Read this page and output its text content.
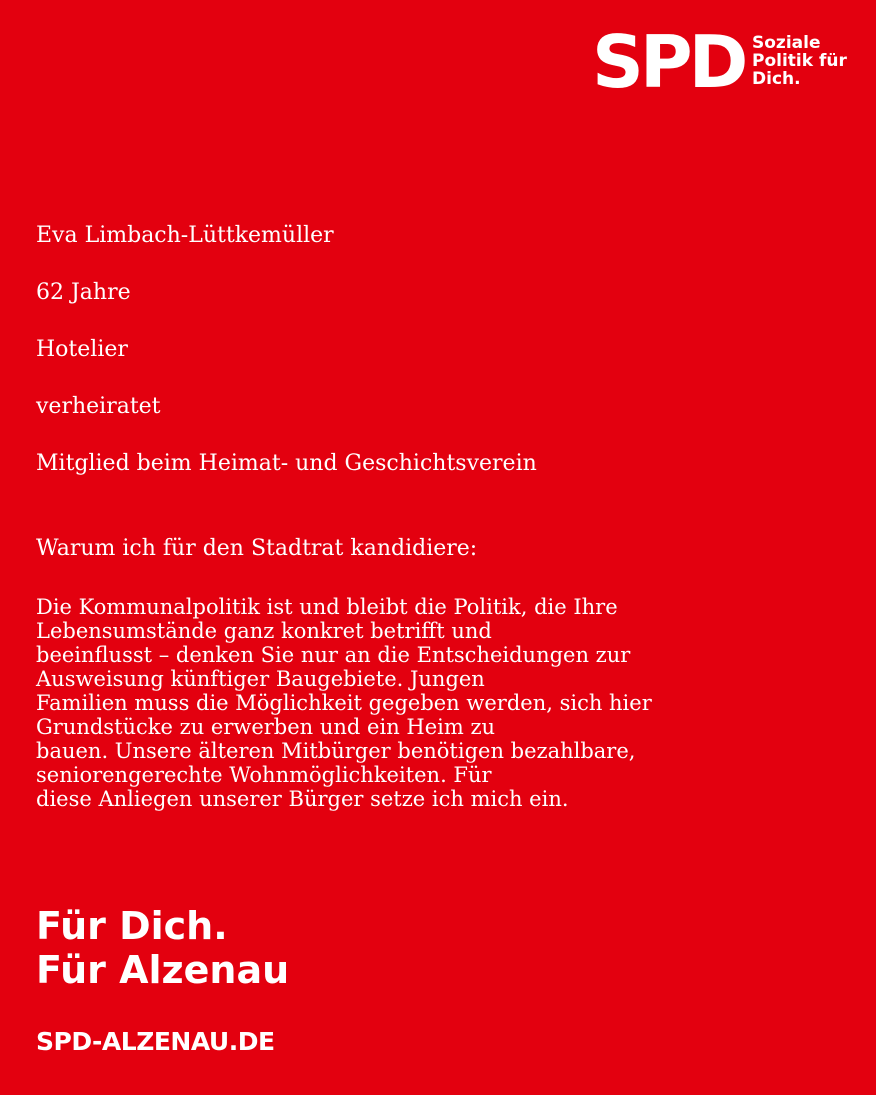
SPD Soziale
Politik für
Dich.
Eva Limbach-Lüttkemüller
62 Jahre
Hotelier
verheiratet
Mitglied beim Heimat- und Geschichtsverein
Warum ich für den Stadtrat kandidiere:
Die Kommunalpolitik ist und bleibt die Politik, die Ihre
Lebensumstände ganz konkret betrifft und
beeinflusst – denken Sie nur an die Entscheidungen zur
Ausweisung künftiger Baugebiete. Jungen
Familien muss die Möglichkeit gegeben werden, sich hier
Grundstücke zu erwerben und ein Heim zu
bauen. Unsere älteren Mitbürger benötigen bezahlbare,
seniorengerechte Wohnmöglichkeiten. Für
diese Anliegen unserer Bürger setze ich mich ein.
Für Dich.
Für Alzenau
SPD-ALZENAU.DE
